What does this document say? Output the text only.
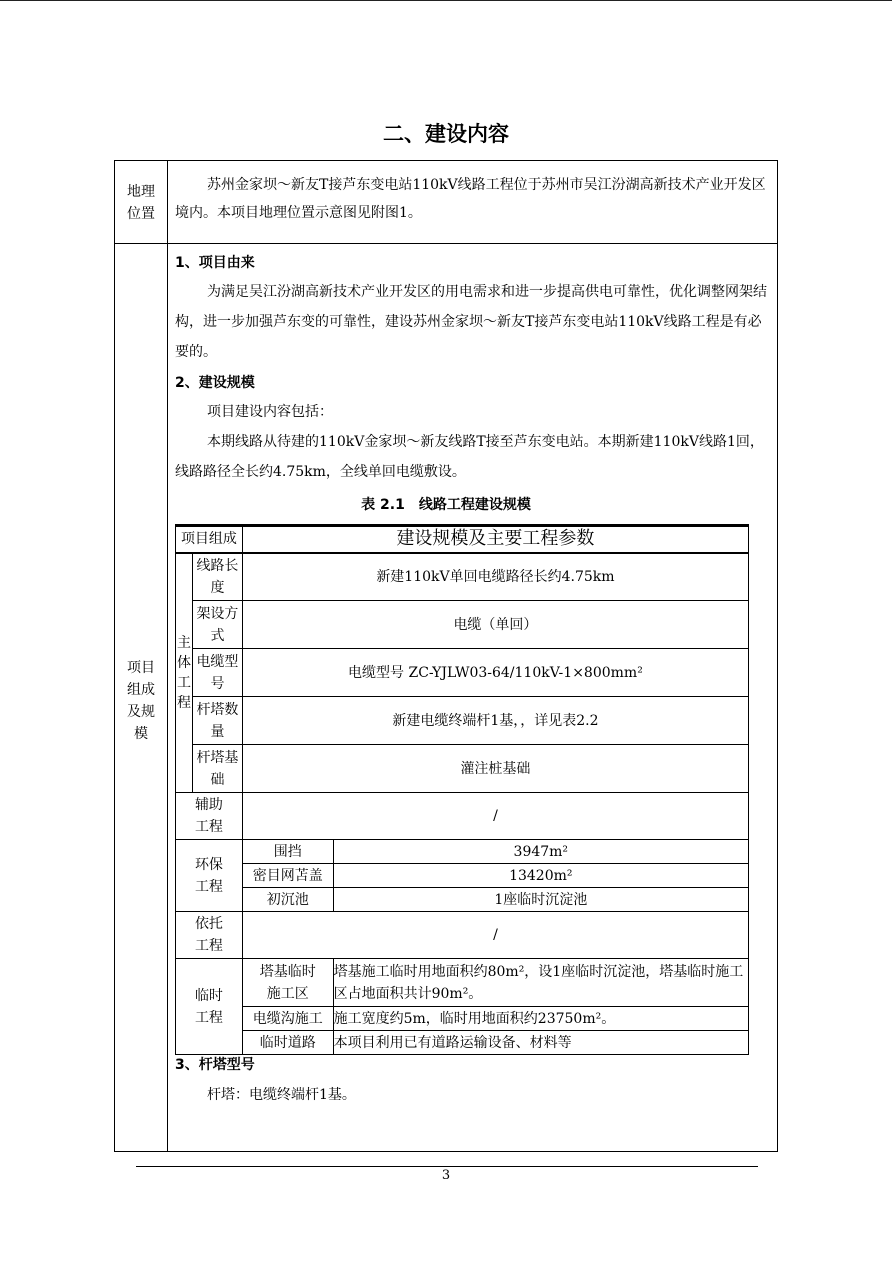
二、建设内容
地理位置
苏州金家坝～新友T接芦东变电站110kV线路工程位于苏州市吴江汾湖高新技术产业开发区境内。本项目地理位置示意图见附图1。
项目组成及规模
1、项目由来
为满足吴江汾湖高新技术产业开发区的用电需求和进一步提高供电可靠性，优化调整网架结构，进一步加强芦东变的可靠性，建设苏州金家坝～新友T接芦东变电站110kV线路工程是有必要的。
2、建设规模
项目建设内容包括：
本期线路从待建的110kV金家坝～新友线路T接至芦东变电站。本期新建110kV线路1回，线路路径全长约4.75km，全线单回电缆敷设。
表 2.1　线路工程建设规模
项目组成		建设规模及主要工程参数	
主体工程	线路长度	新建110kV单回电缆路径长约4.75km	
	架设方式	电缆（单回）	
	电缆型号	电缆型号 ZC-YJLW03-64/110kV-1×800mm²	
	杆塔数量	新建电缆终端杆1基，，详见表2.2	
	杆塔基础	灌注桩基础	
辅助工程		/	
环保工程		围挡	3947m²
		密目网苫盖	13420m²
		初沉池	1座临时沉淀池
依托工程		/	
临时工程		塔基临时施工区	塔基施工临时用地面积约80m²，设1座临时沉淀池，塔基临时施工区占地面积共计90m²。
		电缆沟施工	施工宽度约5m，临时用地面积约23750m²。
		临时道路	本项目利用已有道路运输设备、材料等
3、杆塔型号
杆塔：电缆终端杆1基。
3
